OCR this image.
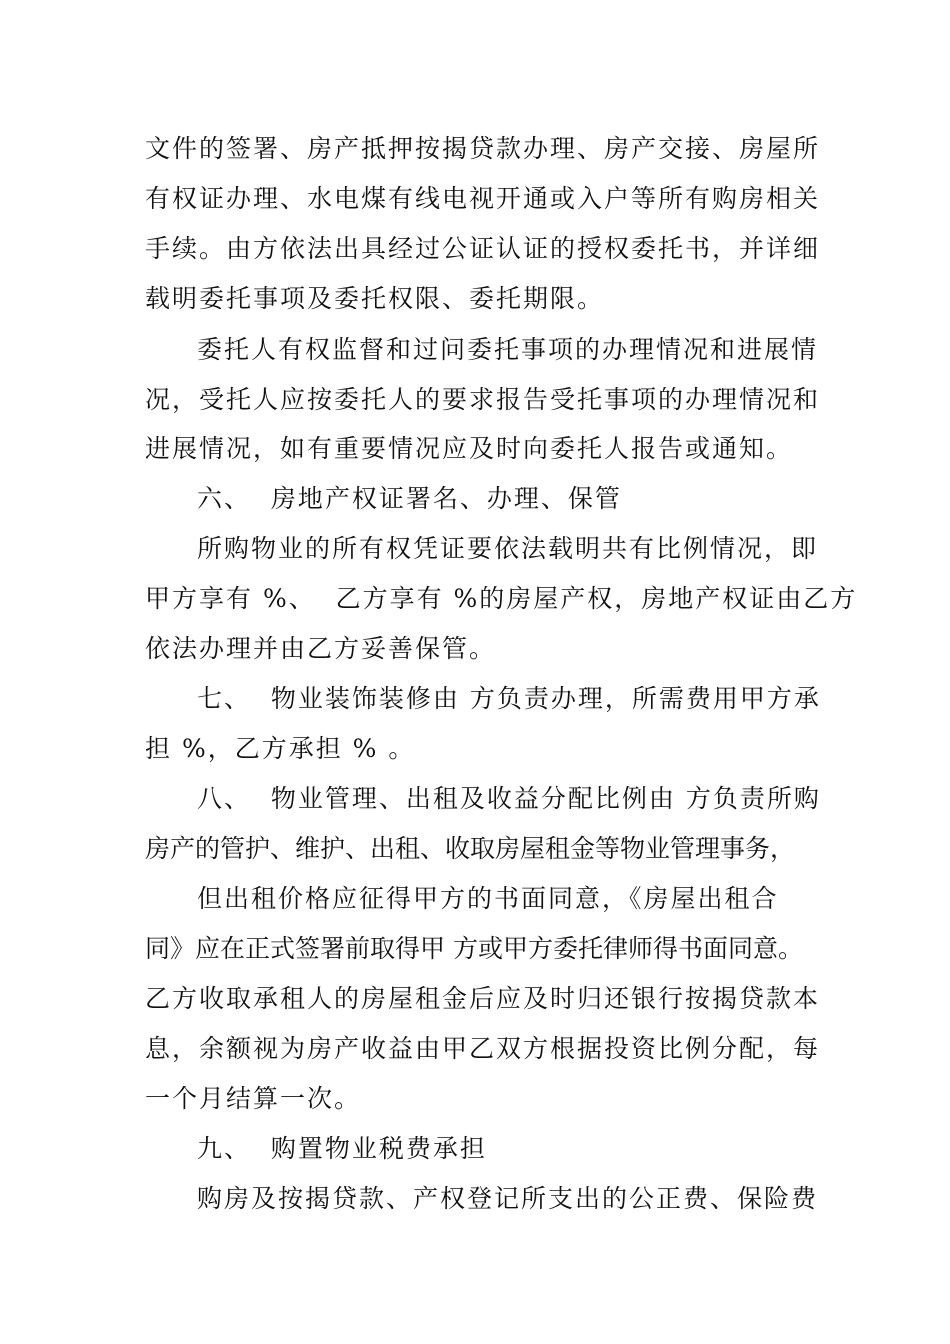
文件的签署、房产抵押按揭贷款办理、房产交接、房屋所
有权证办理、水电煤有线电视开通或入户等所有购房相关
手续。由方依法出具经过公证认证的授权委托书，并详细
载明委托事项及委托权限、委托期限。
委托人有权监督和过问委托事项的办理情况和进展情
况，受托人应按委托人的要求报告受托事项的办理情况和
进展情况，如有重要情况应及时向委托人报告或通知。
六、  房地产权证署名、办理、保管
所购物业的所有权凭证要依法载明共有比例情况，即
甲方享有 %、  乙方享有 %的房屋产权，房地产权证由乙方
依法办理并由乙方妥善保管。
七、  物业装饰装修由 方负责办理，所需费用甲方承
担 %，乙方承担 % 。
八、  物业管理、出租及收益分配比例由 方负责所购
房产的管护、维护、出租、收取房屋租金等物业管理事务，
但出租价格应征得甲方的书面同意，《房屋出租合
同》应在正式签署前取得甲 方或甲方委托律师得书面同意。
乙方收取承租人的房屋租金后应及时归还银行按揭贷款本
息，余额视为房产收益由甲乙双方根据投资比例分配，每
一个月结算一次。
九、  购置物业税费承担
购房及按揭贷款、产权登记所支出的公正费、保险费
